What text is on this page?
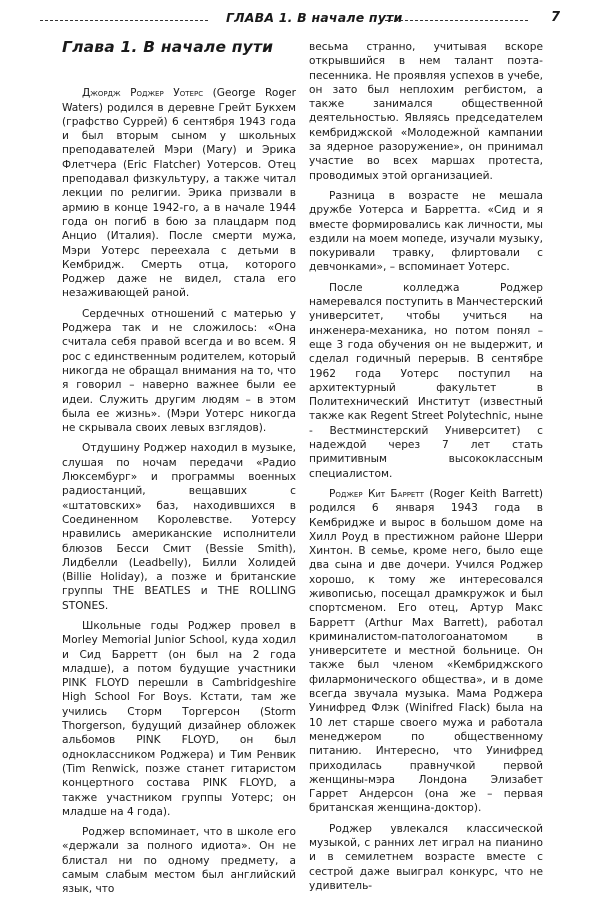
ГЛАВА 1. В начале пути	7
Глава 1. В начале пути

Джордж Роджер Уотерс (George Roger Waters) родился в деревне Грейт Букхем (графство Суррей) 6 сентября 1943 года и был вторым сыном у школьных преподавателей Мэри (Mary) и Эрика Флетчера (Eric Flatcher) Уотерсов. Отец преподавал физкультуру, а также читал лекции по религии. Эрика призвали в армию в конце 1942-го, а в начале 1944 года он погиб в бою за плацдарм под Анцио (Италия). После смерти мужа, Мэри Уотерс переехала с детьми в Кембридж. Смерть отца, которого Роджер даже не видел, стала его незаживающей раной.

Сердечных отношений с матерью у Роджера так и не сложилось: «Она считала себя правой всегда и во всем. Я рос с единственным родителем, который никогда не обращал внимания на то, что я говорил – наверно важнее были ее идеи. Служить другим людям – в этом была ее жизнь». (Мэри Уотерс никогда не скрывала своих левых взглядов).

Отдушину Роджер находил в музыке, слушая по ночам передачи «Радио Люксембург» и программы военных радиостанций, вещавших с «штатовских» баз, находившихся в Соединенном Королевстве. Уотерсу нравились американские исполнители блюзов Бесси Смит (Bessie Smith), Лидбелли (Leadbelly), Билли Холидей (Billie Holiday), а позже и британские группы THE BEATLES и THE ROLLING STONES.

Школьные годы Роджер провел в Morley Memorial Junior School, куда ходил и Сид Барретт (он был на 2 года младше), а потом будущие участники PINK FLOYD перешли в Cambridgeshire High School For Boys. Кстати, там же учились Сторм Торгерсон (Storm Thorgerson, будущий дизайнер обложек альбомов PINK FLOYD, он был одноклассником Роджера) и Тим Ренвик (Tim Renwick, позже станет гитаристом концертного состава PINK FLOYD, а также участником группы Уотерс; он младше на 4 года).

Роджер вспоминает, что в школе его «держали за полного идиота». Он не блистал ни по одному предмету, а самым слабым местом был английский язык, что

весьма странно, учитывая вскоре открывшийся в нем талант поэта-песенника. Не проявляя успехов в учебе, он зато был неплохим регбистом, а также занимался общественной деятельностью. Являясь председателем кембриджской «Молодежной кампании за ядерное разоружение», он принимал участие во всех маршах протеста, проводимых этой организацией.

Разница в возрасте не мешала дружбе Уотерса и Барретта. «Сид и я вместе формировались как личности, мы ездили на моем мопеде, изучали музыку, покуривали травку, флиртовали с девчонками», – вспоминает Уотерс.

После колледжа Роджер намеревался поступить в Манчестерский университет, чтобы учиться на инженера-механика, но потом понял – еще 3 года обучения он не выдержит, и сделал годичный перерыв. В сентябре 1962 года Уотерс поступил на архитектурный факультет в Политехнический Институт (известный также как Regent Street Polytechnic, ныне - Вестминстерский Университет) с надеждой через 7 лет стать примитивным высококлассным специалистом.

Роджер Кит Барретт (Roger Keith Barrett) родился 6 января 1943 года в Кембридже и вырос в большом доме на Хилл Роуд в престижном районе Шерри Хинтон. В семье, кроме него, было еще два сына и две дочери. Учился Роджер хорошо, к тому же интересовался живописью, посещал драмкружок и был спортсменом. Его отец, Артур Макс Барретт (Arthur Max Barrett), работал криминалистом-патологоанатомом в университете и местной больнице. Он также был членом «Кембриджского филармонического общества», и в доме всегда звучала музыка. Мама Роджера Уинифред Флэк (Winifred Flack) была на 10 лет старше своего мужа и работала менеджером по общественному питанию. Интересно, что Уинифред приходилась правнучкой первой женщины-мэра Лондона Элизабет Гаррет Андерсон (она же – первая британская женщина-доктор).

Роджер увлекался классической музыкой, с ранних лет играл на пианино и в семилетнем возрасте вместе с сестрой даже выиграл конкурс, что не удивитель-
